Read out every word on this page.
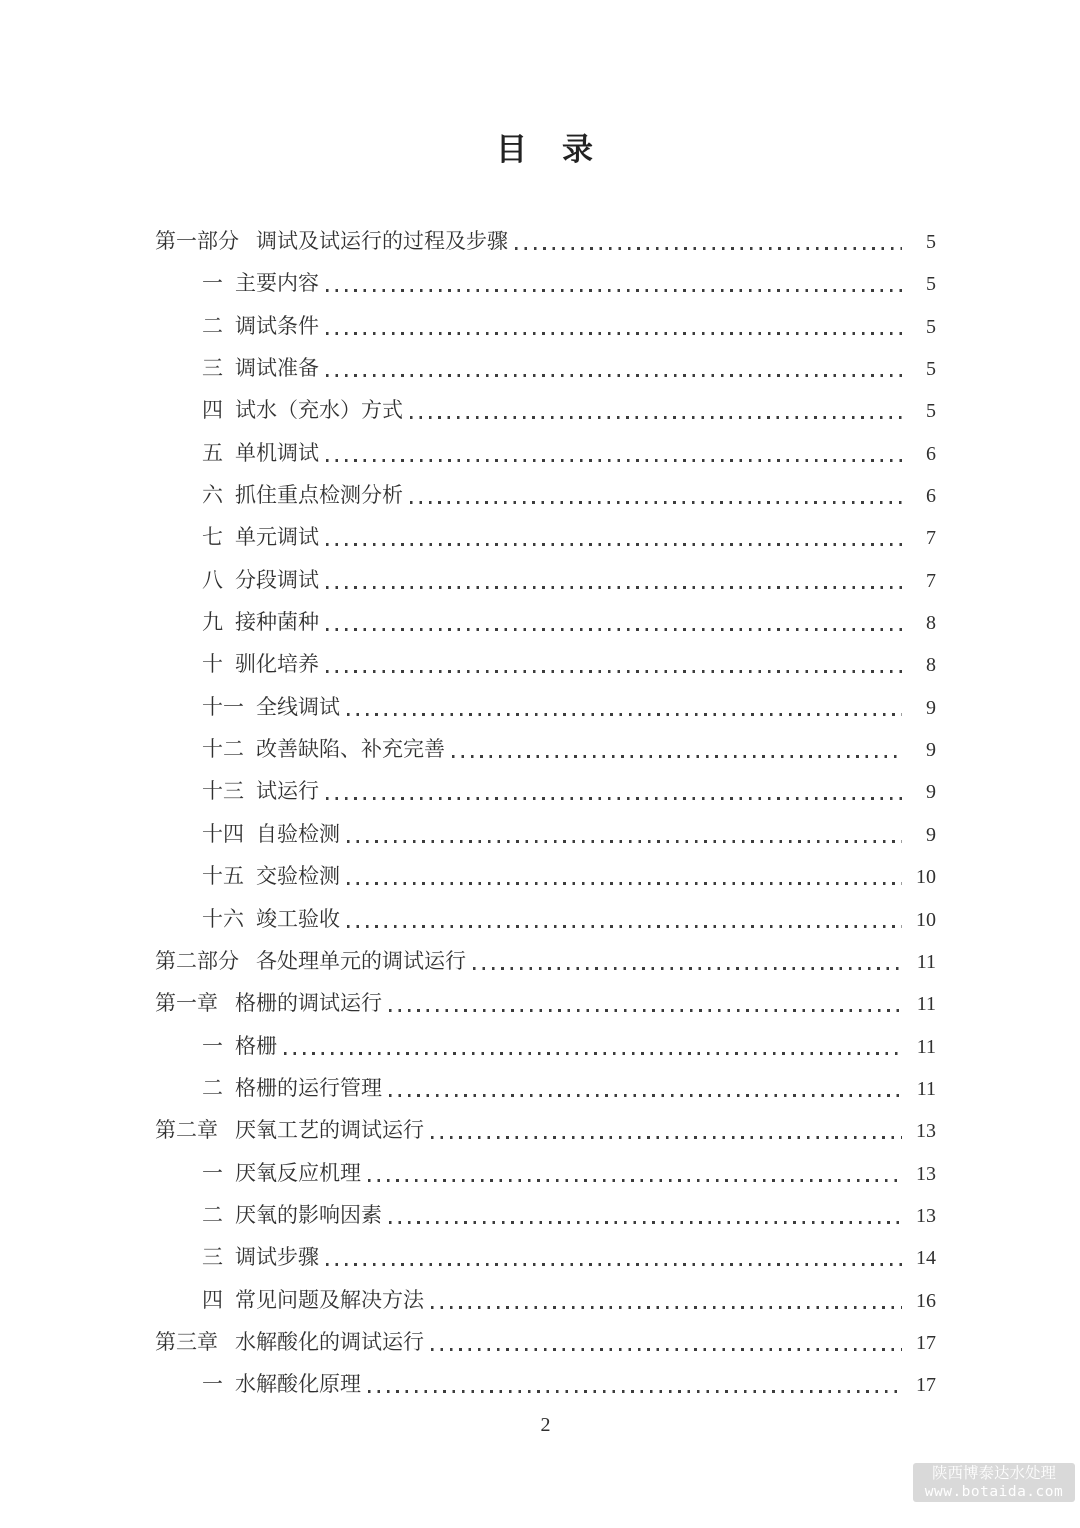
目　录
第一部分 调试及试运行的过程及步骤	5
一 主要内容	5
二 调试条件	5
三 调试准备	5
四 试水（充水）方式	5
五 单机调试	6
六 抓住重点检测分析	6
七 单元调试	7
八 分段调试	7
九 接种菌种	8
十 驯化培养	8
十一 全线调试	9
十二 改善缺陷、补充完善	9
十三 试运行	9
十四 自验检测	9
十五 交验检测	10
十六 竣工验收	10
第二部分 各处理单元的调试运行	11
第一章 格栅的调试运行	11
一 格栅	11
二 格栅的运行管理	11
第二章 厌氧工艺的调试运行	13
一 厌氧反应机理	13
二 厌氧的影响因素	13
三 调试步骤	14
四 常见问题及解决方法	16
第三章 水解酸化的调试运行	17
一 水解酸化原理	17
2
陕西博泰达水处理
www.botaida.com
